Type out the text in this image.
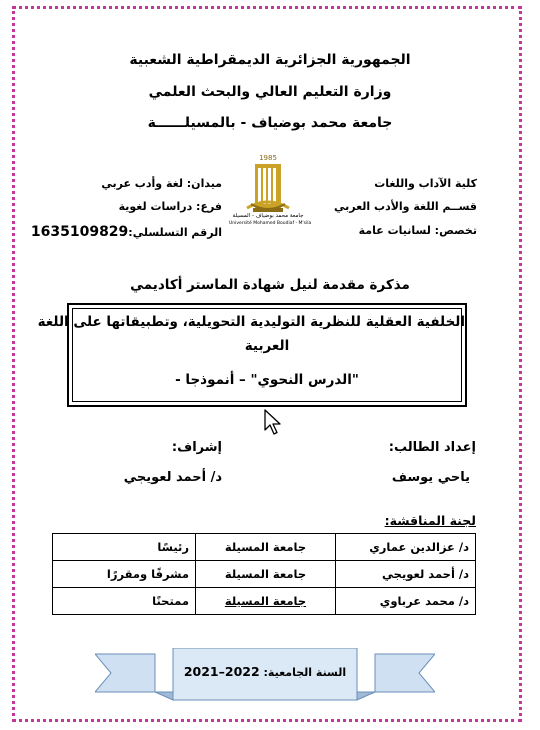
الجمهورية الجزائرية الديمقراطية الشعبية
وزارة التعليم العالي والبحث العلمي
جامعة محمد بوضياف - بالمسيلــــــة
كلية الآداب واللغات
قســم اللغة والأدب العربي
تخصص: لسانيات عامة
ميدان: لغة وأدب عربي
فرع: دراسات لغوية
الرقم التسلسلي:1635109829
1985
جامعة محمد بوضياف - المسيلة
Université Mohamed Boudiaf - M'sila
مذكرة مقدمة لنيل شهادة الماستر أكاديمي
الخلفية العقلية للنظرية التوليدية التحويلية، وتطبيقاتها على اللغة
العربية
"الدرس النحوي" – أنموذجا -
إعداد الطالب:
إشراف:
ياحي يوسف
د/ أحمد لعويجي
لجنة المناقشة:
د/ عزالدين عماري	جامعة المسيلة	رئيسًا
د/ أحمد لعويجي	جامعة المسيلة	مشرفًا ومقررًا
د/ محمد عرباوي	جامعة المسيلة	ممتحنًا
السنة الجامعية: 2022–2021
